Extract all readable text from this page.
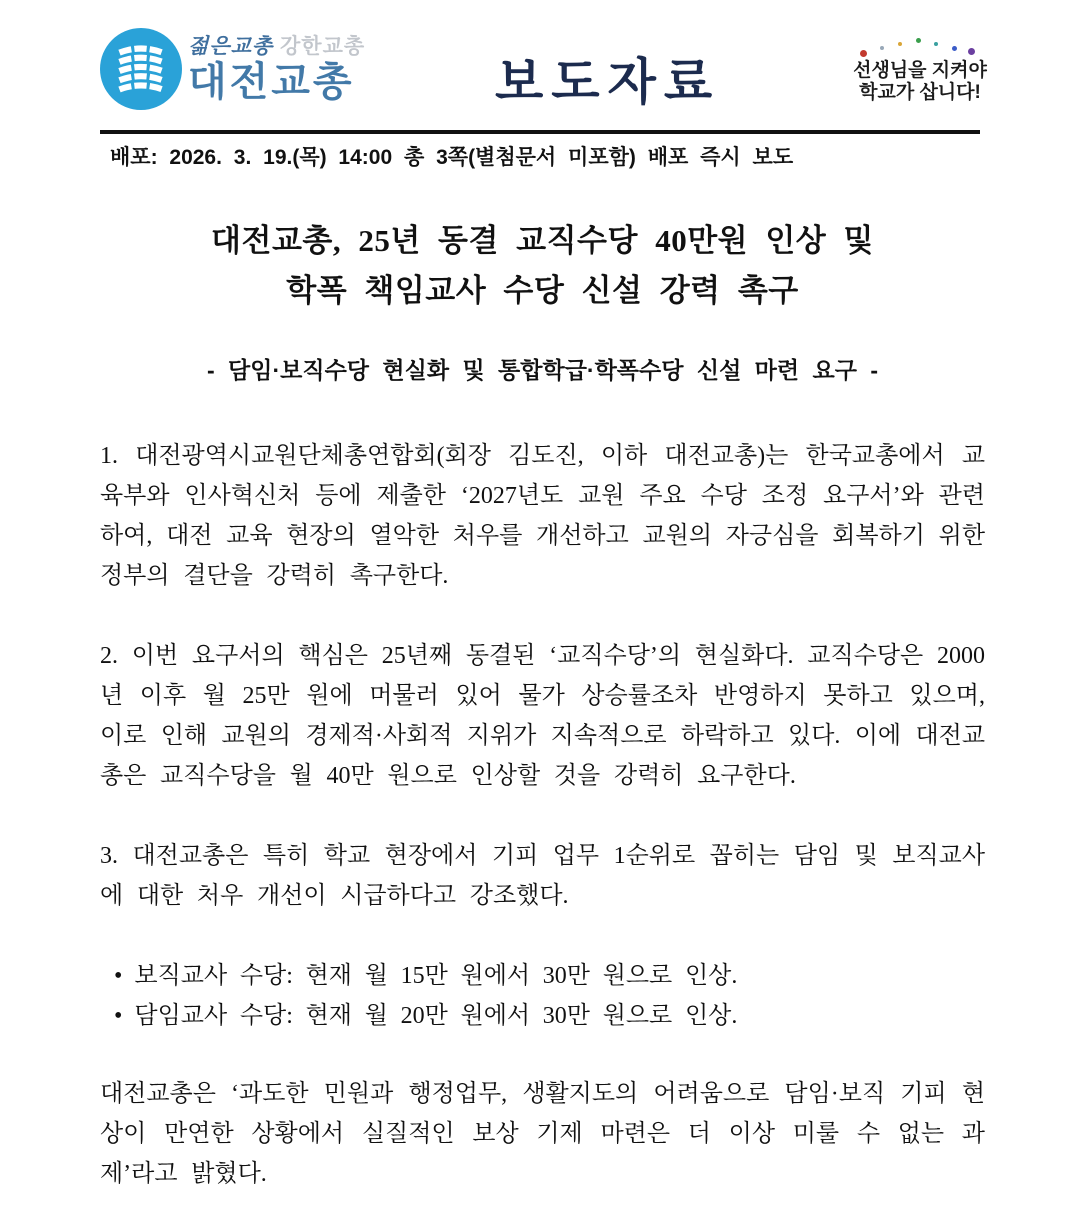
젊은교총 강한교총
대전교총	보도자료	선생님을 지켜야
학교가 삽니다!
배포: 2026. 3. 19.(목) 14:00 총 3쪽(별첨문서 미포함) 배포 즉시 보도
대전교총, 25년 동결 교직수당 40만원 인상 및
학폭 책임교사 수당 신설 강력 촉구
- 담임·보직수당 현실화 및 통합학급·학폭수당 신설 마련 요구 -

1. 대전광역시교원단체총연합회(회장 김도진, 이하 대전교총)는 한국교총에서 교육부와 인사혁신처 등에 제출한 ‘2027년도 교원 주요 수당 조정 요구서’와 관련하여, 대전 교육 현장의 열악한 처우를 개선하고 교원의 자긍심을 회복하기 위한 정부의 결단을 강력히 촉구한다.

2. 이번 요구서의 핵심은 25년째 동결된 ‘교직수당’의 현실화다. 교직수당은 2000년 이후 월 25만 원에 머물러 있어 물가 상승률조차 반영하지 못하고 있으며, 이로 인해 교원의 경제적·사회적 지위가 지속적으로 하락하고 있다. 이에 대전교총은 교직수당을 월 40만 원으로 인상할 것을 강력히 요구한다.

3. 대전교총은 특히 학교 현장에서 기피 업무 1순위로 꼽히는 담임 및 보직교사에 대한 처우 개선이 시급하다고 강조했다.

• 보직교사 수당: 현재 월 15만 원에서 30만 원으로 인상.
• 담임교사 수당: 현재 월 20만 원에서 30만 원으로 인상.

대전교총은 ‘과도한 민원과 행정업무, 생활지도의 어려움으로 담임·보직 기피 현상이 만연한 상황에서 실질적인 보상 기제 마련은 더 이상 미룰 수 없는 과제’라고 밝혔다.
